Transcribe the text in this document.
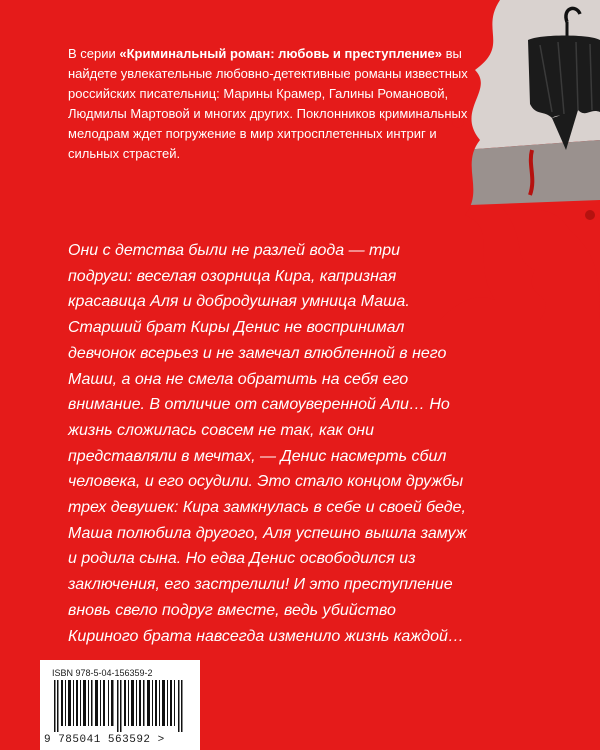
В серии «Криминальный роман: любовь и преступление» вы найдете увлекательные любовно-детективные романы известных российских писательниц: Марины Крамер, Галины Романовой, Людмилы Мартовой и многих других. Поклонников криминальных мелодрам ждет погружение в мир хитросплетенных интриг и сильных страстей.

Они с детства были не разлей вода — три подруги: веселая озорница Кира, капризная красавица Аля и добродушная умница Маша. Старший брат Киры Денис не воспринимал девчонок всерьез и не замечал влюбленной в него Маши, а она не смела обратить на себя его внимание. В отличие от самоуверенной Али… Но жизнь сложилась совсем не так, как они представляли в мечтах, — Денис насмерть сбил человека, и его осудили. Это стало концом дружбы трех девушек: Кира замкнулась в себе и своей беде, Маша полюбила другого, Аля успешно вышла замуж и родила сына. Но едва Денис освободился из заключения, его застрелили! И это преступление вновь свело подруг вместе, ведь убийство Кириного брата навсегда изменило жизнь каждой…

ISBN 978-5-04-156359-2
9 785041 563592 >
